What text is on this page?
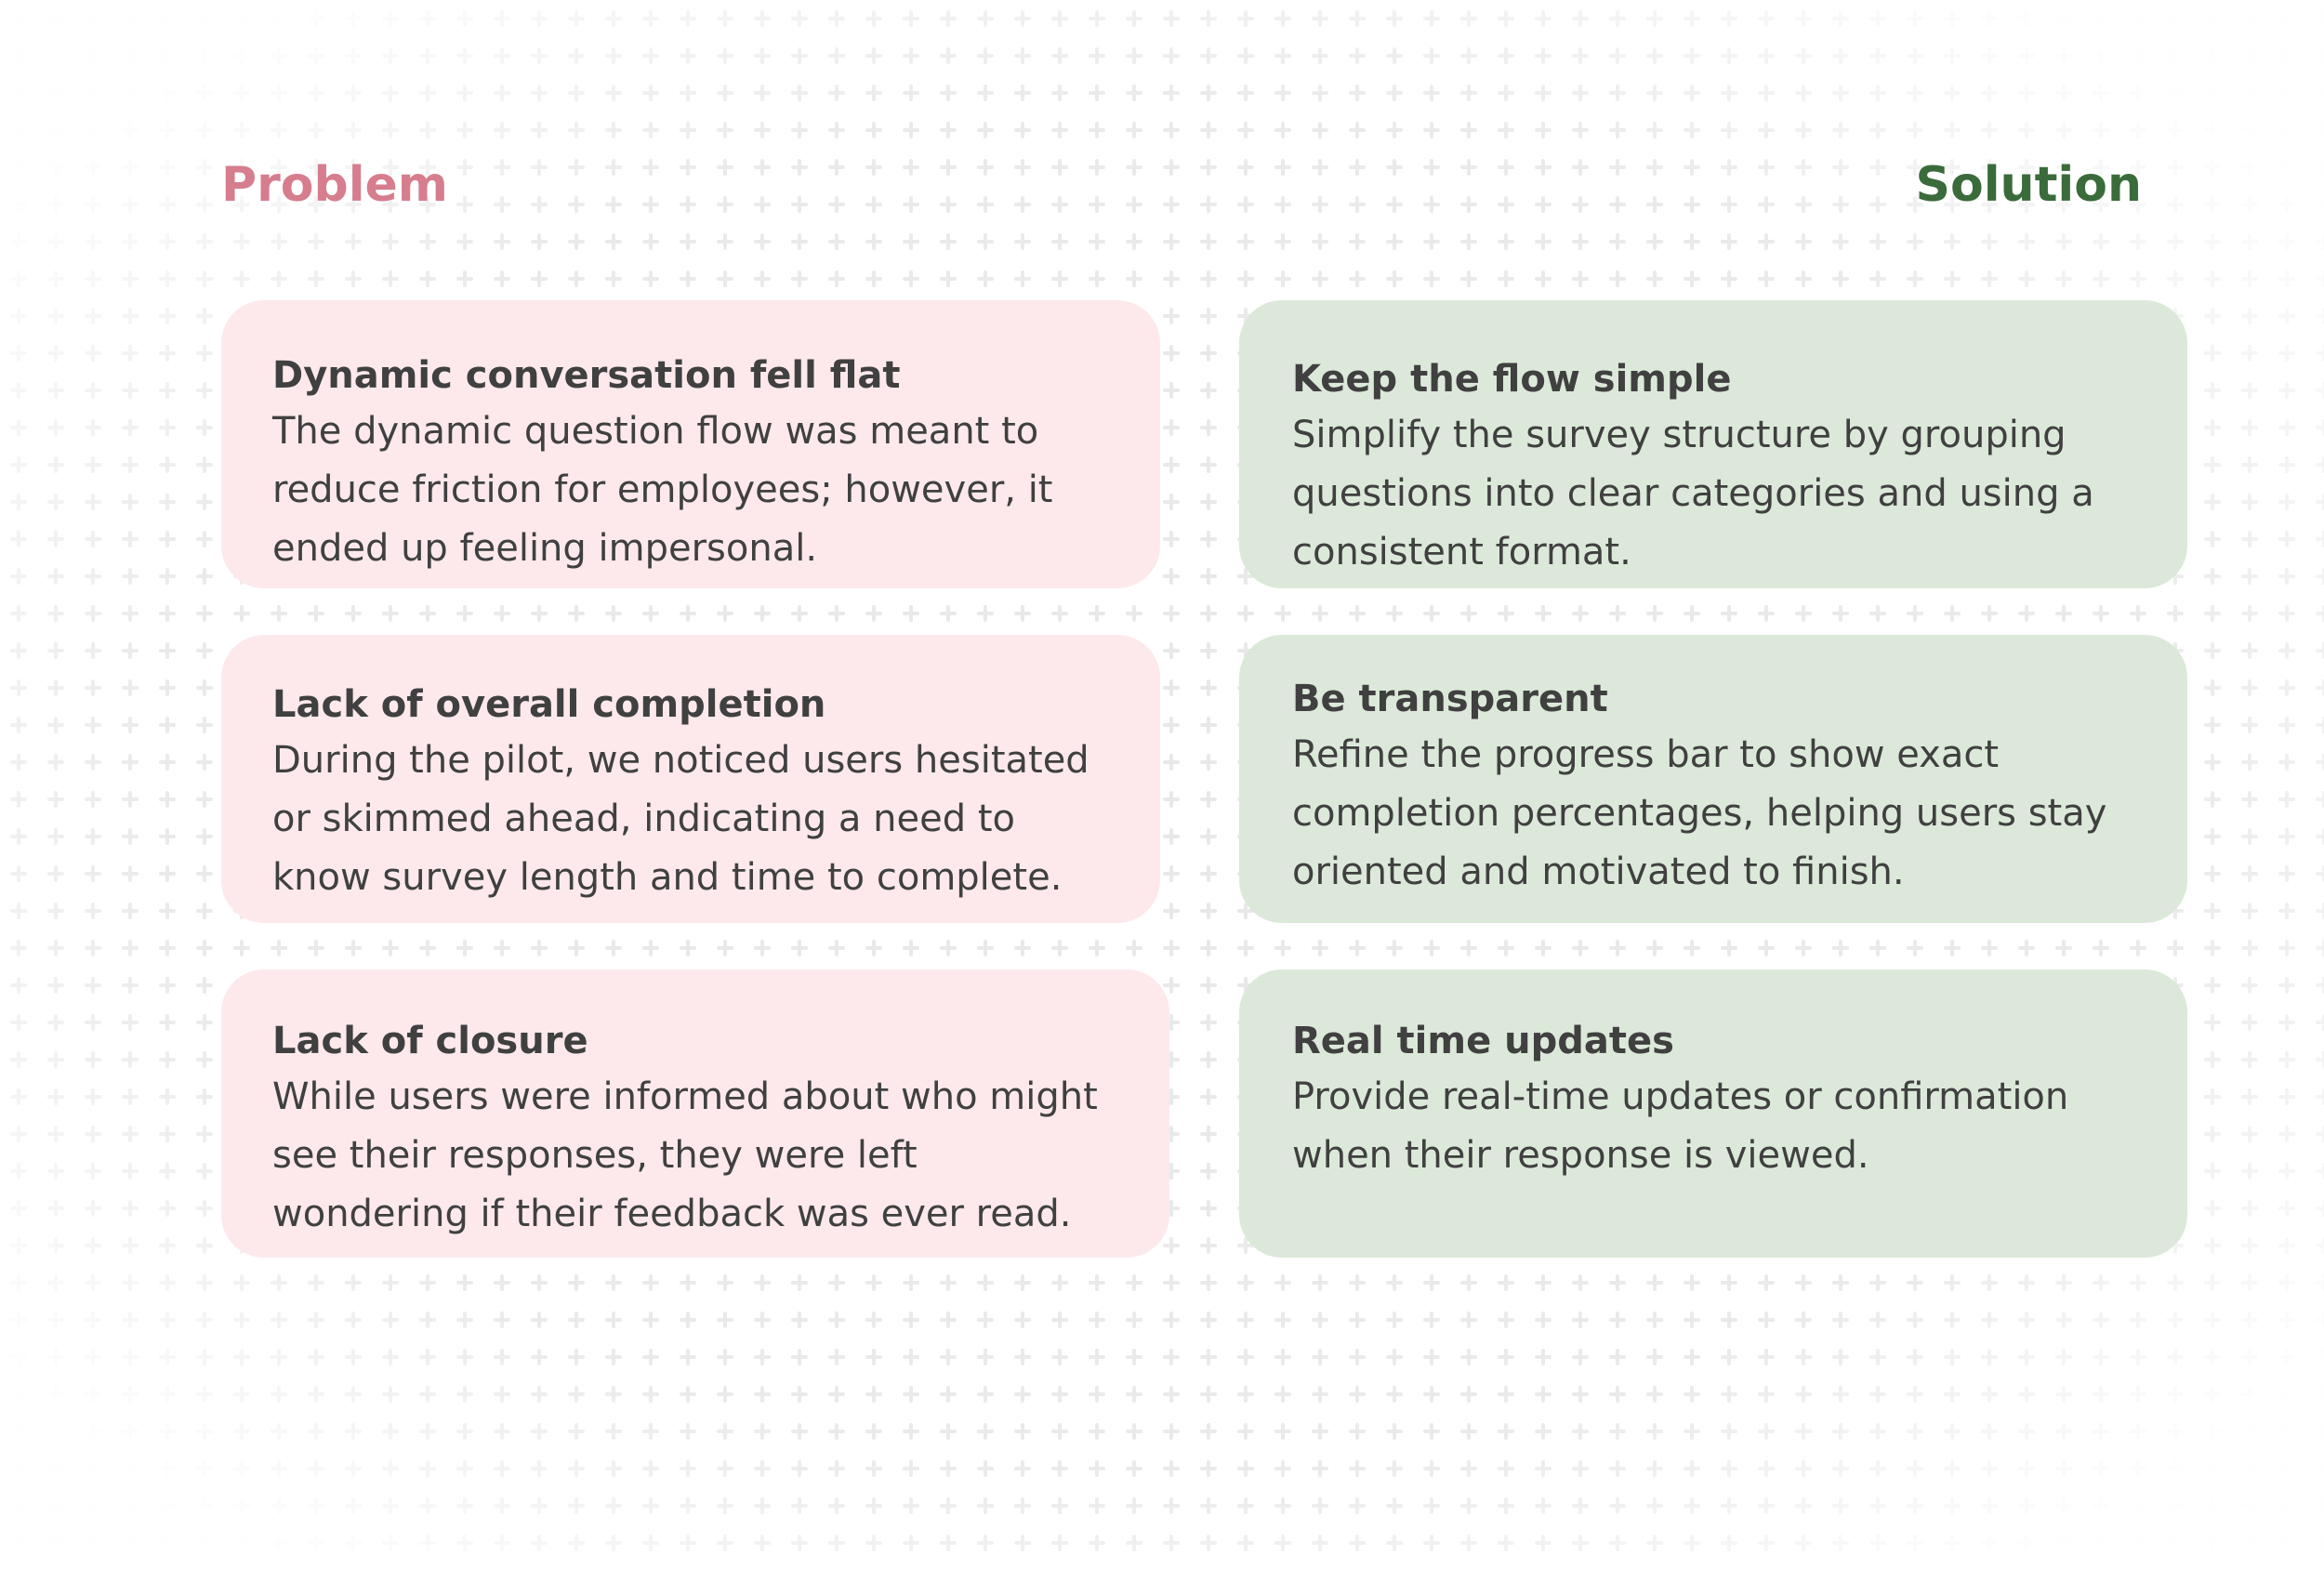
Problem	Solution
Dynamic conversation fell flat

The dynamic question flow was meant to reduce friction for employees; however, it ended up feeling impersonal.

Lack of overall completion

During the pilot, we noticed users hesitated or skimmed ahead, indicating a need to know survey length and time to complete.

Lack of closure

While users were informed about who might see their responses, they were left wondering if their feedback was ever read.

Keep the flow simple

Simplify the survey structure by grouping questions into clear categories and using a consistent format.

Be transparent

Refine the progress bar to show exact completion percentages, helping users stay oriented and motivated to finish.

Real time updates

Provide real-time updates or confirmation when their response is viewed.
